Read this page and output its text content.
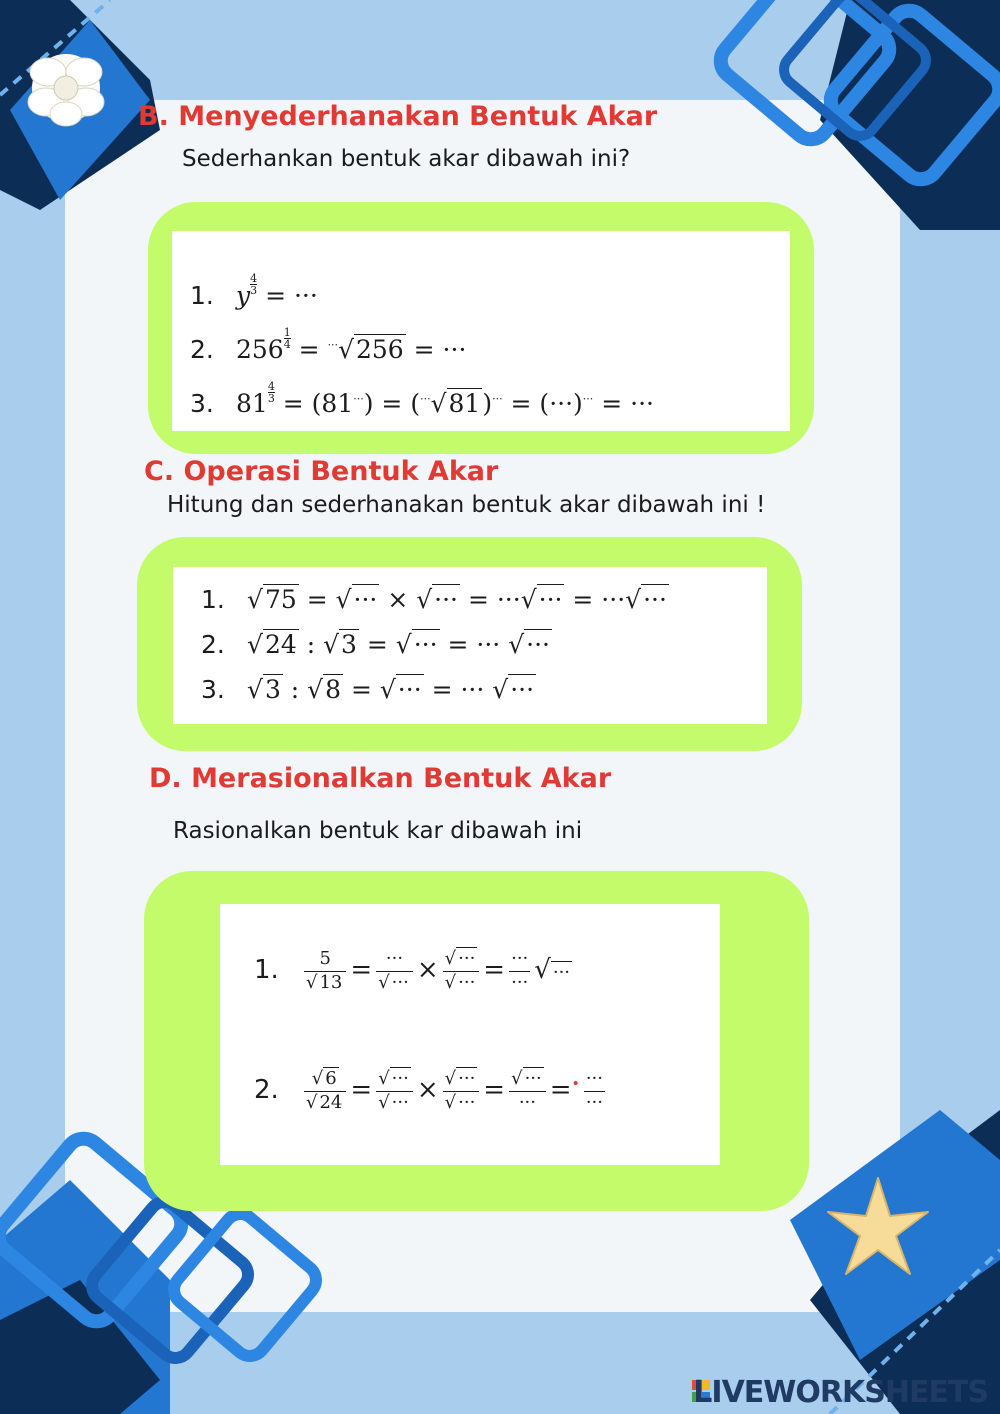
B. Menyederhanakan Bentuk Akar

Sederhankan bentuk akar dibawah ini?

1. y $^{\frac{4}{3}}$ = ···
2. 256 $^{\frac{1}{4}}$ = ···√256 = ···
3. 81 $^{\frac{4}{3}}$ = (81···) = (···√81)··· = (···)··· = ···
C. Operasi Bentuk Akar

Hitung dan sederhanakan bentuk akar dibawah ini !

1. √75 = √··· × √··· = ···√··· = ···√···
2. √24 : √3 = √··· = ··· √···
3. √3 : √8 = √··· = ··· √···
D. Merasionalkan Bentuk Akar

Rasionalkan bentuk kar dibawah ini

1. $\frac{5}{√ 13}$ = ···
√ ··· × √ ···
√ ··· = ···
··· √ ···
2. $\frac{√ 6}{√ 24}$ = √ ···
√ ··· × √ ···
√ ··· = √ ···
··· =• ···
···
LIVEWORKSHEETS
